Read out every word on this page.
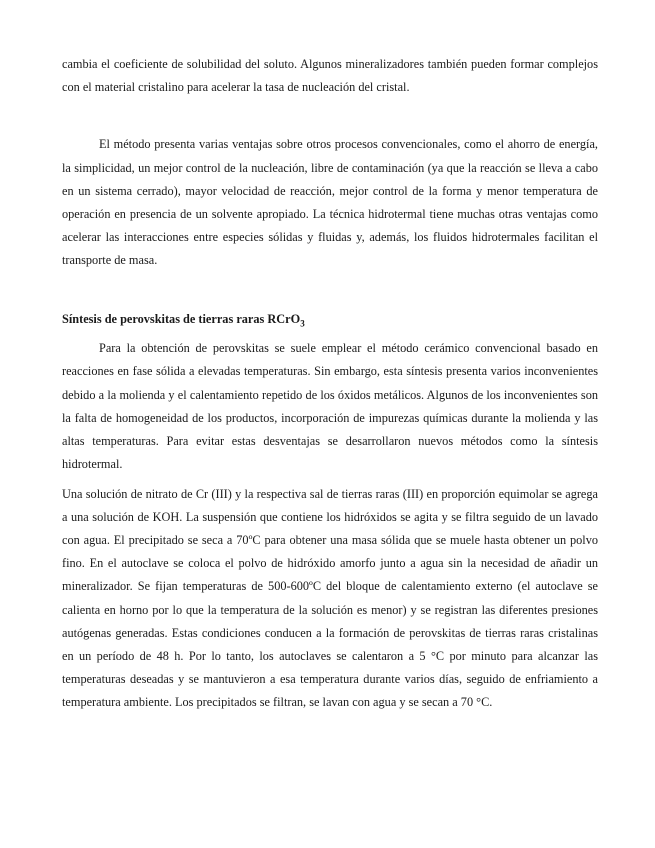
cambia el coeficiente de solubilidad del soluto. Algunos mineralizadores también pueden formar complejos con el material cristalino para acelerar la tasa de nucleación del cristal.

El método presenta varias ventajas sobre otros procesos convencionales, como el ahorro de energía, la simplicidad, un mejor control de la nucleación, libre de contaminación (ya que la reacción se lleva a cabo en un sistema cerrado), mayor velocidad de reacción, mejor control de la forma y menor temperatura de operación en presencia de un solvente apropiado. La técnica hidrotermal tiene muchas otras ventajas como acelerar las interacciones entre especies sólidas y fluidas y, además, los fluidos hidrotermales facilitan el transporte de masa.

Síntesis de perovskitas de tierras raras RCrO$_3$

Para la obtención de perovskitas se suele emplear el método cerámico convencional basado en reacciones en fase sólida a elevadas temperaturas. Sin embargo, esta síntesis presenta varios inconvenientes debido a la molienda y el calentamiento repetido de los óxidos metálicos. Algunos de los inconvenientes son la falta de homogeneidad de los productos, incorporación de impurezas químicas durante la molienda y las altas temperaturas. Para evitar estas desventajas se desarrollaron nuevos métodos como la síntesis hidrotermal.

Una solución de nitrato de Cr (III) y la respectiva sal de tierras raras (III) en proporción equimolar se agrega a una solución de KOH. La suspensión que contiene los hidróxidos se agita y se filtra seguido de un lavado con agua. El precipitado se seca a 70ºC para obtener una masa sólida que se muele hasta obtener un polvo fino. En el autoclave se coloca el polvo de hidróxido amorfo junto a agua sin la necesidad de añadir un mineralizador. Se fijan temperaturas de 500-600ºC del bloque de calentamiento externo (el autoclave se calienta en horno por lo que la temperatura de la solución es menor) y se registran las diferentes presiones autógenas generadas. Estas condiciones conducen a la formación de perovskitas de tierras raras cristalinas en un período de 48 h. Por lo tanto, los autoclaves se calentaron a 5 °C por minuto para alcanzar las temperaturas deseadas y se mantuvieron a esa temperatura durante varios días, seguido de enfriamiento a temperatura ambiente. Los precipitados se filtran, se lavan con agua y se secan a 70 °C.
